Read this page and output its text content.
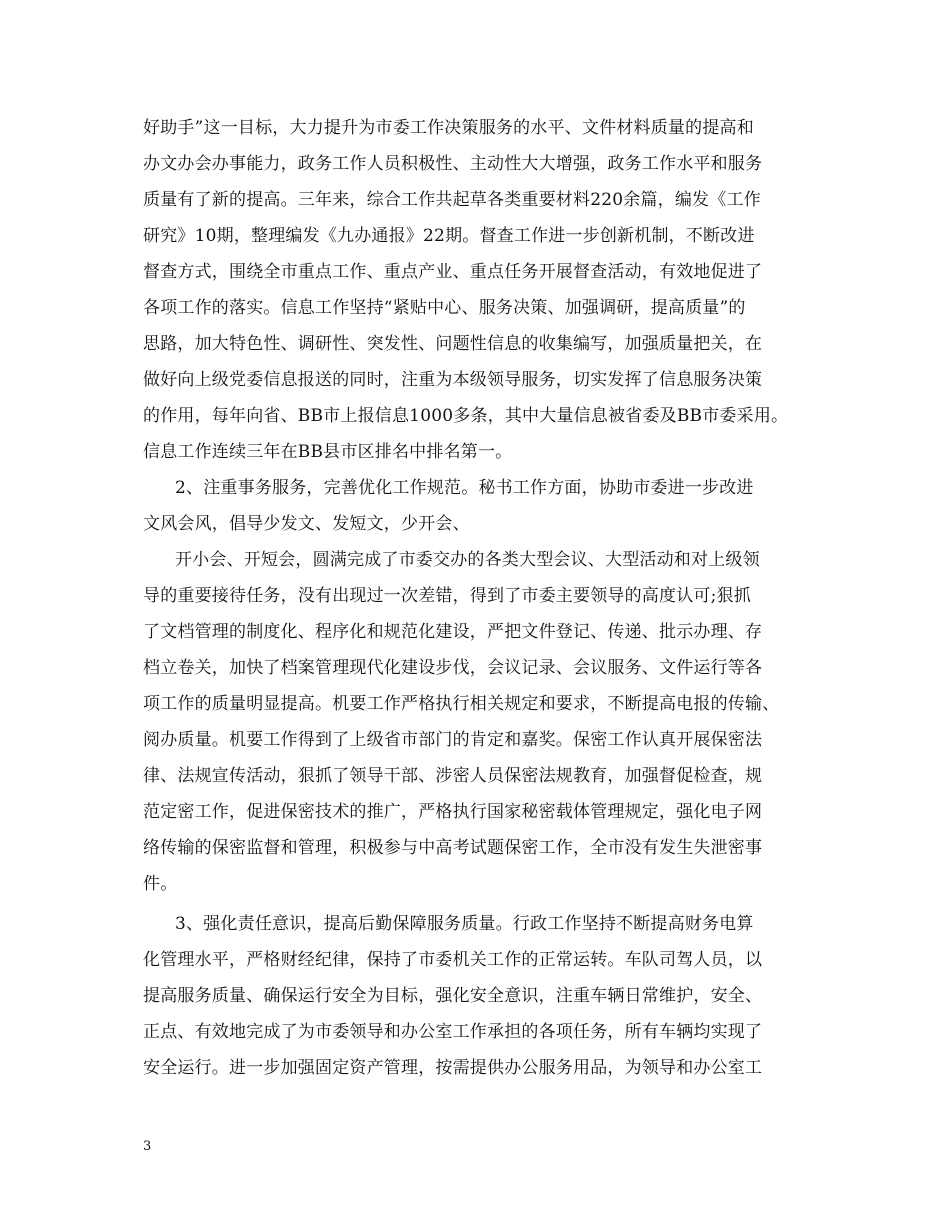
好助手”这一目标，大力提升为市委工作决策服务的水平、文件材料质量的提高和
办文办会办事能力，政务工作人员积极性、主动性大大增强，政务工作水平和服务
质量有了新的提高。三年来，综合工作共起草各类重要材料220余篇，编发《工作
研究》10期，整理编发《九办通报》22期。督查工作进一步创新机制，不断改进
督查方式，围绕全市重点工作、重点产业、重点任务开展督查活动，有效地促进了
各项工作的落实。信息工作坚持“紧贴中心、服务决策、加强调研，提高质量”的
思路，加大特色性、调研性、突发性、问题性信息的收集编写，加强质量把关，在
做好向上级党委信息报送的同时，注重为本级领导服务，切实发挥了信息服务决策
的作用，每年向省、BB市上报信息1000多条，其中大量信息被省委及BB市委采用。
信息工作连续三年在BB县市区排名中排名第一。
2、注重事务服务，完善优化工作规范。秘书工作方面，协助市委进一步改进
文风会风，倡导少发文、发短文，少开会、
开小会、开短会，圆满完成了市委交办的各类大型会议、大型活动和对上级领
导的重要接待任务，没有出现过一次差错，得到了市委主要领导的高度认可;狠抓
了文档管理的制度化、程序化和规范化建设，严把文件登记、传递、批示办理、存
档立卷关，加快了档案管理现代化建设步伐，会议记录、会议服务、文件运行等各
项工作的质量明显提高。机要工作严格执行相关规定和要求，不断提高电报的传输、
阅办质量。机要工作得到了上级省市部门的肯定和嘉奖。保密工作认真开展保密法
律、法规宣传活动，狠抓了领导干部、涉密人员保密法规教育，加强督促检查，规
范定密工作，促进保密技术的推广，严格执行国家秘密载体管理规定，强化电子网
络传输的保密监督和管理，积极参与中高考试题保密工作，全市没有发生失泄密事
件。
3、强化责任意识，提高后勤保障服务质量。行政工作坚持不断提高财务电算
化管理水平，严格财经纪律，保持了市委机关工作的正常运转。车队司驾人员，以
提高服务质量、确保运行安全为目标，强化安全意识，注重车辆日常维护，安全、
正点、有效地完成了为市委领导和办公室工作承担的各项任务，所有车辆均实现了
安全运行。进一步加强固定资产管理，按需提供办公服务用品，为领导和办公室工
3
